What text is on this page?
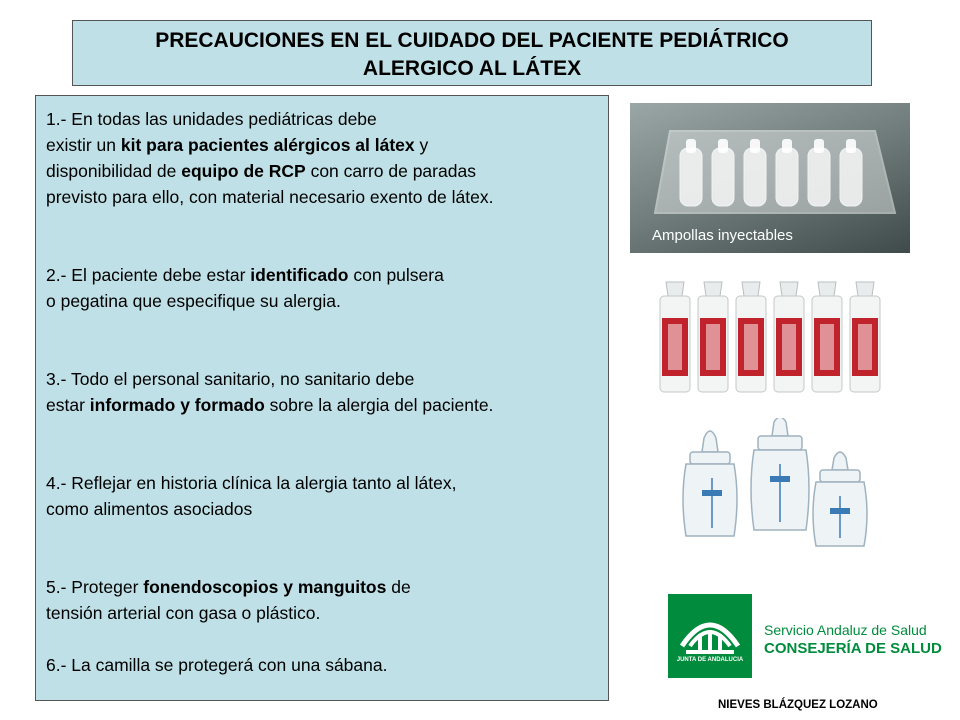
PRECAUCIONES EN EL CUIDADO DEL PACIENTE PEDIÁTRICO
ALERGICO AL LÁTEX

1.- En todas las unidades pediátricas debe

existir un kit para pacientes alérgicos al látex y

disponibilidad de equipo de RCP con carro de paradas

previsto para ello, con material necesario exento de látex.

2.- El paciente debe estar identificado con pulsera

o pegatina que especifique su alergia.

3.- Todo el personal sanitario, no sanitario debe

estar informado y formado sobre la alergia del paciente.

4.- Reflejar en historia clínica la alergia tanto al látex,

como alimentos asociados

5.- Proteger fonendoscopios y manguitos de

tensión arterial con gasa o plástico.

6.- La camilla se protegerá con una sábana.

Ampollas inyectables
JUNTA DE ANDALUCIA
Servicio Andaluz de Salud
CONSEJERÍA DE SALUD
NIEVES BLÁZQUEZ LOZANO
